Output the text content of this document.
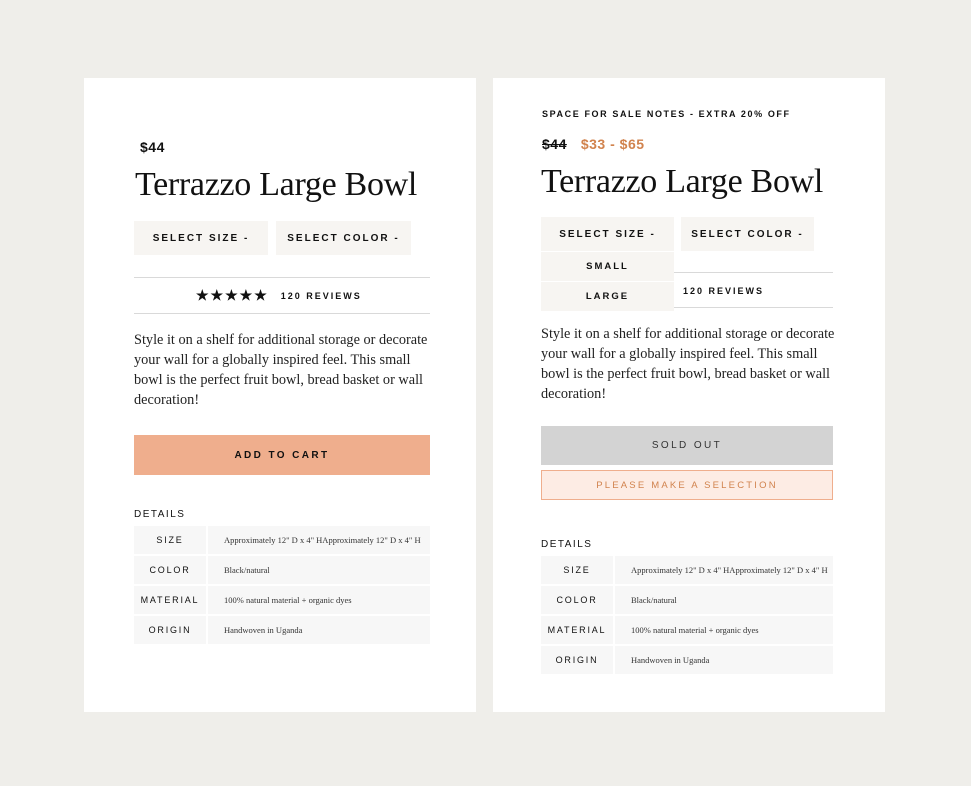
$44
Terrazzo Large Bowl
SELECT SIZE -	SELECT COLOR -
★★★★★ 120 REVIEWS

Style it on a shelf for additional storage or decorate your wall for a globally inspired feel. This small bowl is the perfect fruit bowl, bread basket or wall decoration!

ADD TO CART
DETAILS
SIZE	Approximately 12" D x 4" HApproximately 12" D x 4" H
COLOR	Black/natural
MATERIAL	100% natural material + organic dyes
ORIGIN	Handwoven in Uganda
SPACE FOR SALE NOTES - EXTRA 20% OFF
$44 $33 - $65
Terrazzo Large Bowl
SELECT SIZE -	SELECT COLOR -
SMALL
LARGE	120 REVIEWS

Style it on a shelf for additional storage or decorate your wall for a globally inspired feel. This small bowl is the perfect fruit bowl, bread basket or wall decoration!

SOLD OUT
PLEASE MAKE A SELECTION
DETAILS
SIZE	Approximately 12" D x 4" HApproximately 12" D x 4" H
COLOR	Black/natural
MATERIAL	100% natural material + organic dyes
ORIGIN	Handwoven in Uganda
